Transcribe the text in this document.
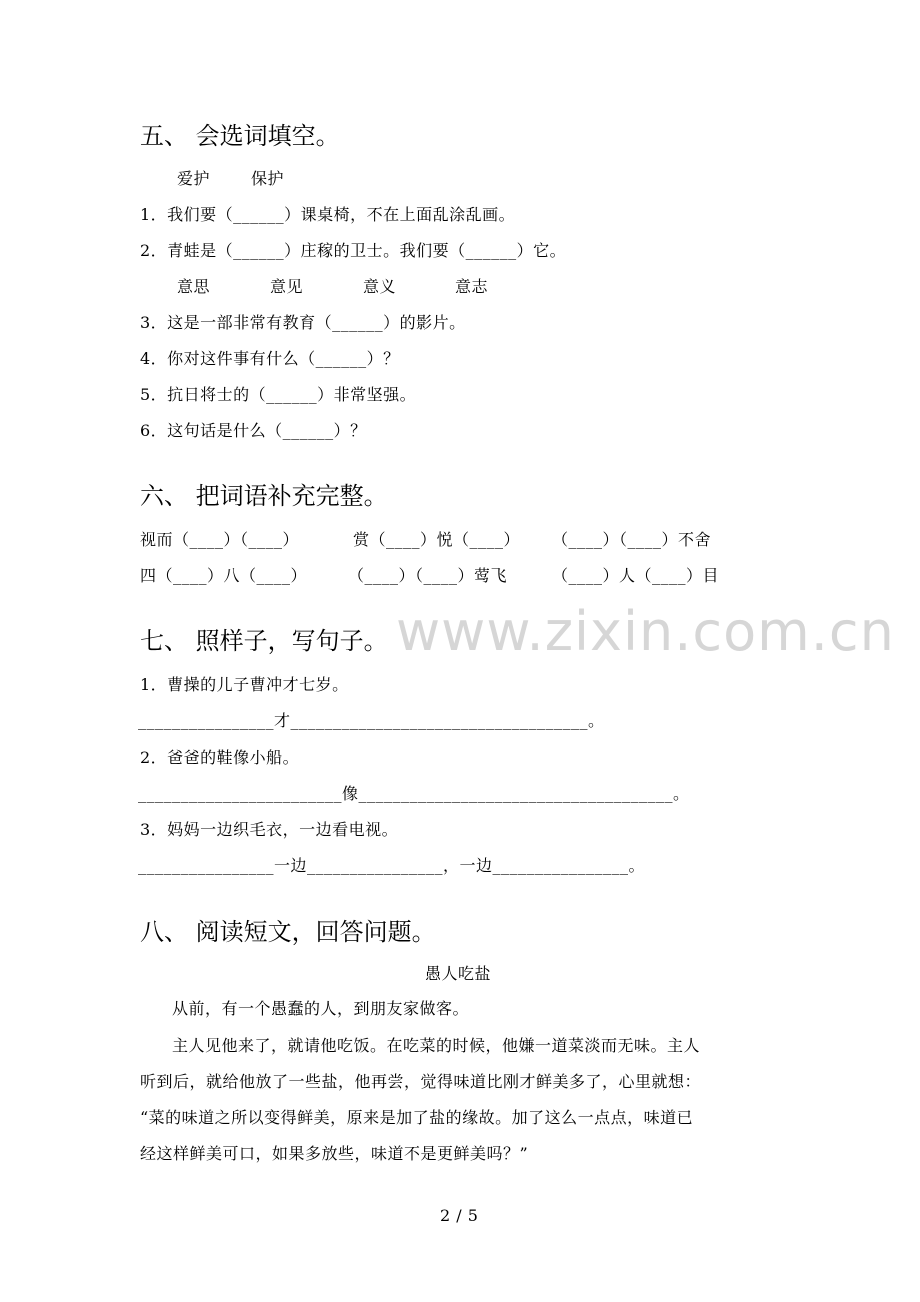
www.zixin.com.cn
五、 会选词填空。
爱护	保护
1．我们要（______）课桌椅，不在上面乱涂乱画。
2．青蛙是（______）庄稼的卫士。我们要（______）它。
意思	意见	意义	意志
3．这是一部非常有教育（______）的影片。
4．你对这件事有什么（______）？
5．抗日将士的（______）非常坚强。
6．这句话是什么（______）？
六、 把词语补充完整。
视而（____）（____）	赏（____）悦（____） （____）（____）不舍
四（____）八（____）	（____）（____）莺飞	（____）人（____）目
七、 照样子，写句子。
1．曹操的儿子曹冲才七岁。
________________才___________________________________。
2．爸爸的鞋像小船。
________________________像_____________________________________。
3．妈妈一边织毛衣，一边看电视。
________________一边________________，一边________________。
八、 阅读短文，回答问题。
愚人吃盐
从前，有一个愚蠢的人，到朋友家做客。
主人见他来了，就请他吃饭。在吃菜的时候，他嫌一道菜淡而无味。主人
听到后，就给他放了一些盐，他再尝，觉得味道比刚才鲜美多了，心里就想：
“菜的味道之所以变得鲜美，原来是加了盐的缘故。加了这么一点点，味道已
经这样鲜美可口，如果多放些，味道不是更鲜美吗？”
2 / 5
